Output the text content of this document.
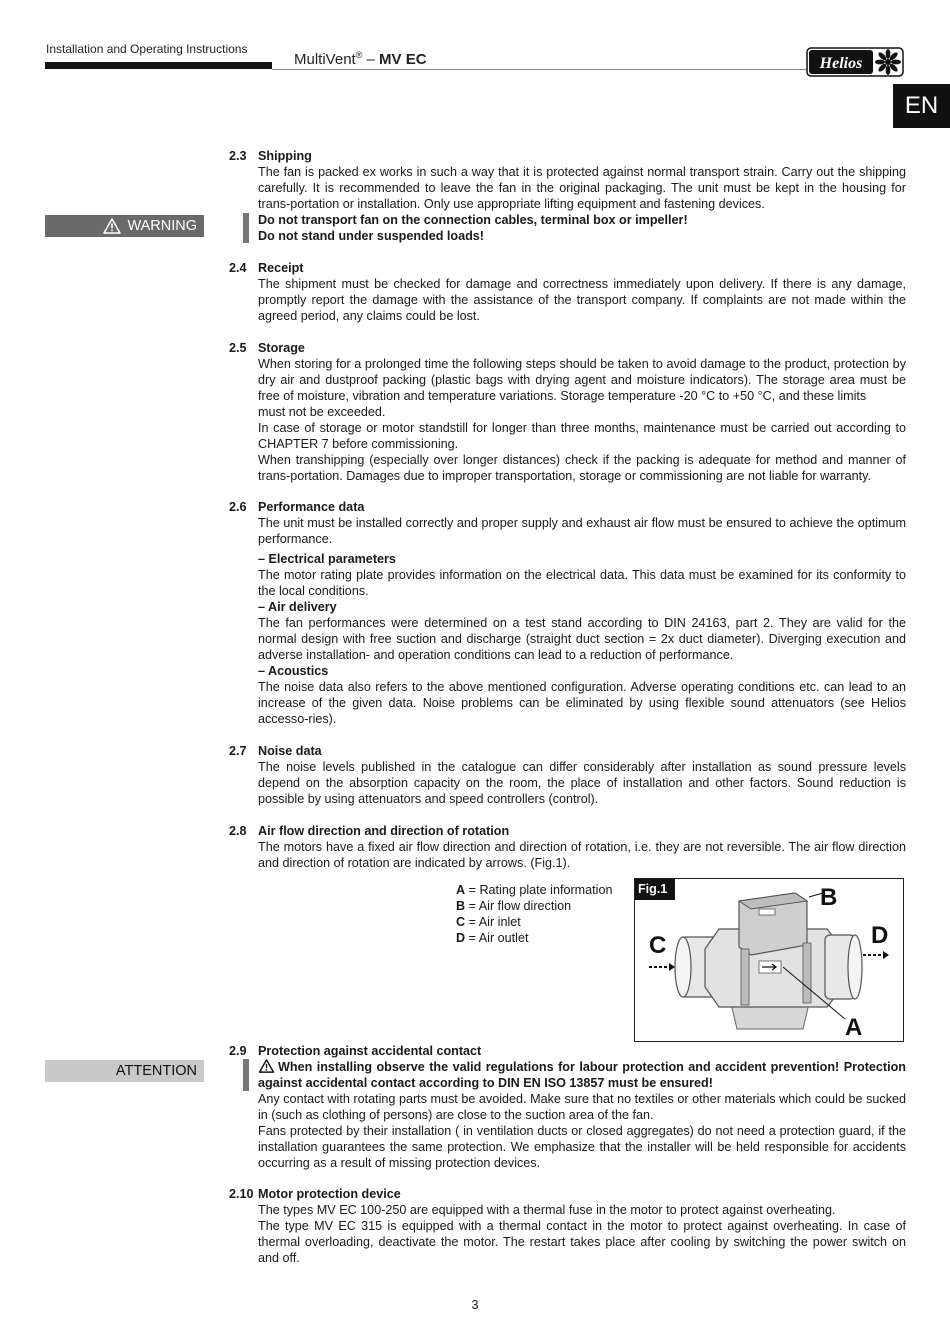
Installation and Operating Instructions
MultiVent® – MV EC	Helios
EN
WARNING
ATTENTION
2.3 Shipping

The fan is packed ex works in such a way that it is protected against normal transport strain. Carry out the shipping carefully. It is recommended to leave the fan in the original packaging. The unit must be kept in the housing for trans-portation or installation. Only use appropriate lifting equipment and fastening devices.

Do not transport fan on the connection cables, terminal box or impeller!

Do not stand under suspended loads!

2.4 Receipt

The shipment must be checked for damage and correctness immediately upon delivery. If there is any damage, promptly report the damage with the assistance of the transport company. If complaints are not made within the agreed period, any claims could be lost.

2.5 Storage

When storing for a prolonged time the following steps should be taken to avoid damage to the product, protection by dry air and dustproof packing (plastic bags with drying agent and moisture indicators). The storage area must be free of moisture, vibration and temperature variations. Storage temperature -20 °C to +50 °C, and these limits

must not be exceeded.

In case of storage or motor standstill for longer than three months, maintenance must be carried out according to CHAPTER 7 before commissioning.

When transhipping (especially over longer distances) check if the packing is adequate for method and manner of trans-portation. Damages due to improper transportation, storage or commissioning are not liable for warranty.

2.6 Performance data

The unit must be installed correctly and proper supply and exhaust air flow must be ensured to achieve the optimum performance.

– Electrical parameters

The motor rating plate provides information on the electrical data. This data must be examined for its conformity to the local conditions.

– Air delivery

The fan performances were determined on a test stand according to DIN 24163, part 2. They are valid for the normal design with free suction and discharge (straight duct section = 2x duct diameter). Diverging execution and adverse installation- and operation conditions can lead to a reduction of performance.

– Acoustics

The noise data also refers to the above mentioned configuration. Adverse operating conditions etc. can lead to an increase of the given data. Noise problems can be eliminated by using flexible sound attenuators (see Helios accesso-ries).

2.7 Noise data

The noise levels published in the catalogue can differ considerably after installation as sound pressure levels depend on the absorption capacity on the room, the place of installation and other factors. Sound reduction is possible by using attenuators and speed controllers (control).

2.8 Air flow direction and direction of rotation

The motors have a fixed air flow direction and direction of rotation, i.e. they are not reversible. The air flow direction and direction of rotation are indicated by arrows. (Fig.1).

A = Rating plate information
B = Air flow direction
C = Air inlet
D = Air outlet
Fig.1	B
C	D
A
2.9 Protection against accidental contact

When installing observe the valid regulations for labour protection and accident prevention! Protection against accidental contact according to DIN EN ISO 13857 must be ensured!

Any contact with rotating parts must be avoided. Make sure that no textiles or other materials which could be sucked in (such as clothing of persons) are close to the suction area of the fan.

Fans protected by their installation ( in ventilation ducts or closed aggregates) do not need a protection guard, if the installation guarantees the same protection. We emphasize that the installer will be held responsible for accidents occurring as a result of missing protection devices.

2.10 Motor protection device

The types MV EC 100-250 are equipped with a thermal fuse in the motor to protect against overheating.

The type MV EC 315 is equipped with a thermal contact in the motor to protect against overheating. In case of thermal overloading, deactivate the motor. The restart takes place after cooling by switching the power switch on and off.

3
